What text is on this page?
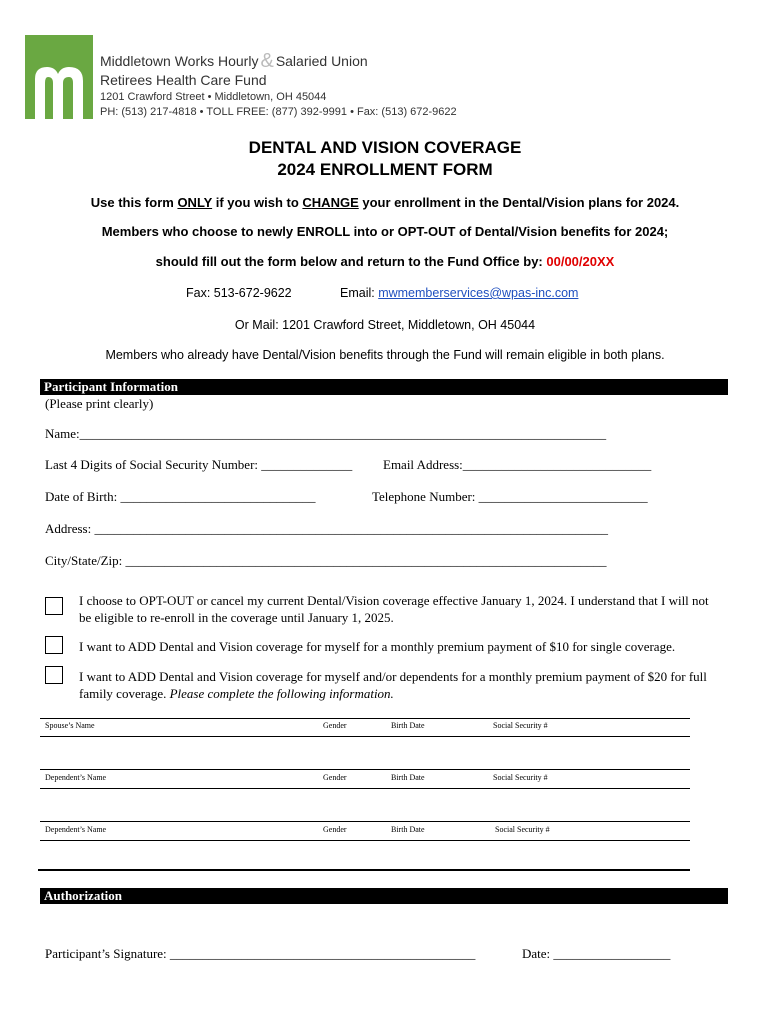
Middletown Works Hourly & Salaried Union
Retirees Health Care Fund
1201 Crawford Street • Middletown, OH 45044
PH: (513) 217-4818 • TOLL FREE: (877) 392-9991 • Fax: (513) 672-9622
DENTAL AND VISION COVERAGE
2024 ENROLLMENT FORM
Use this form ONLY if you wish to CHANGE your enrollment in the Dental/Vision plans for 2024.
Members who choose to newly ENROLL into or OPT-OUT of Dental/Vision benefits for 2024;
should fill out the form below and return to the Fund Office by: 00/00/20XX
Fax: 513-672-9622	Email: mwmemberservices@wpas-inc.com
Or Mail: 1201 Crawford Street, Middletown, OH 45044
Members who already have Dental/Vision benefits through the Fund will remain eligible in both plans.
Participant Information
(Please print clearly)
Name:_________________________________________________________________________________
Last 4 Digits of Social Security Number: ______________ Email Address:_____________________________
Date of Birth: ______________________________	Telephone Number: __________________________
Address: _______________________________________________________________________________
City/State/Zip: __________________________________________________________________________
I choose to OPT-OUT or cancel my current Dental/Vision coverage effective January 1, 2024. I understand that I will not be eligible to re-enroll in the coverage until January 1, 2025.
I want to ADD Dental and Vision coverage for myself for a monthly premium payment of $10 for single coverage.
I want to ADD Dental and Vision coverage for myself and/or dependents for a monthly premium payment of $20 for full family coverage. Please complete the following information.
Spouse’s Name	Gender	Birth Date	Social Security #
Dependent’s Name	Gender	Birth Date	Social Security #
Dependent’s Name	Gender	Birth Date	Social Security #
Authorization
Participant’s Signature: _______________________________________________	Date: __________________
